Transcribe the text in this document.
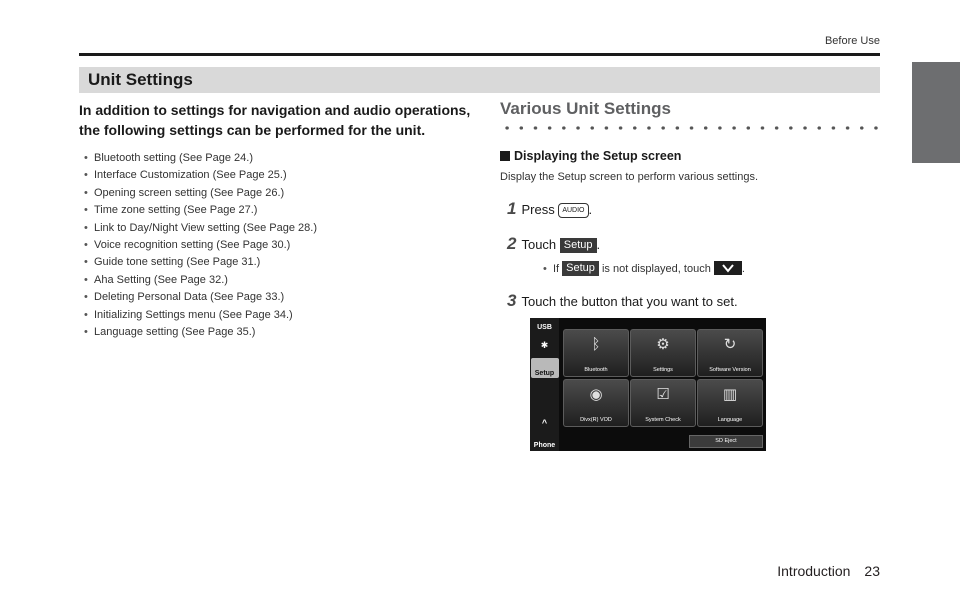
Before Use
Unit Settings
In addition to settings for navigation and audio operations, the following settings can be performed for the unit.
• Bluetooth setting (See Page 24.)
• Interface Customization (See Page 25.)
• Opening screen setting (See Page 26.)
• Time zone setting (See Page 27.)
• Link to Day/Night View setting (See Page 28.)
• Voice recognition setting (See Page 30.)
• Guide tone setting (See Page 31.)
• Aha Setting (See Page 32.)
• Deleting Personal Data (See Page 33.)
• Initializing Settings menu (See Page 34.)
• Language setting (See Page 35.)
Various Unit Settings
Displaying the Setup screen
Display the Setup screen to perform various settings.
1 Press AUDIO .
2 Touch Setup .
•  If Setup is not displayed, touch	.
3 Touch the button that you want to set.
USB
✱
Setup
^
Phone
ᛒ
Bluetooth
⚙
Settings
↻
Software Version
◉
Divx(R) VOD
☑
System Check
▥
Language
SD Eject
Introduction 23
